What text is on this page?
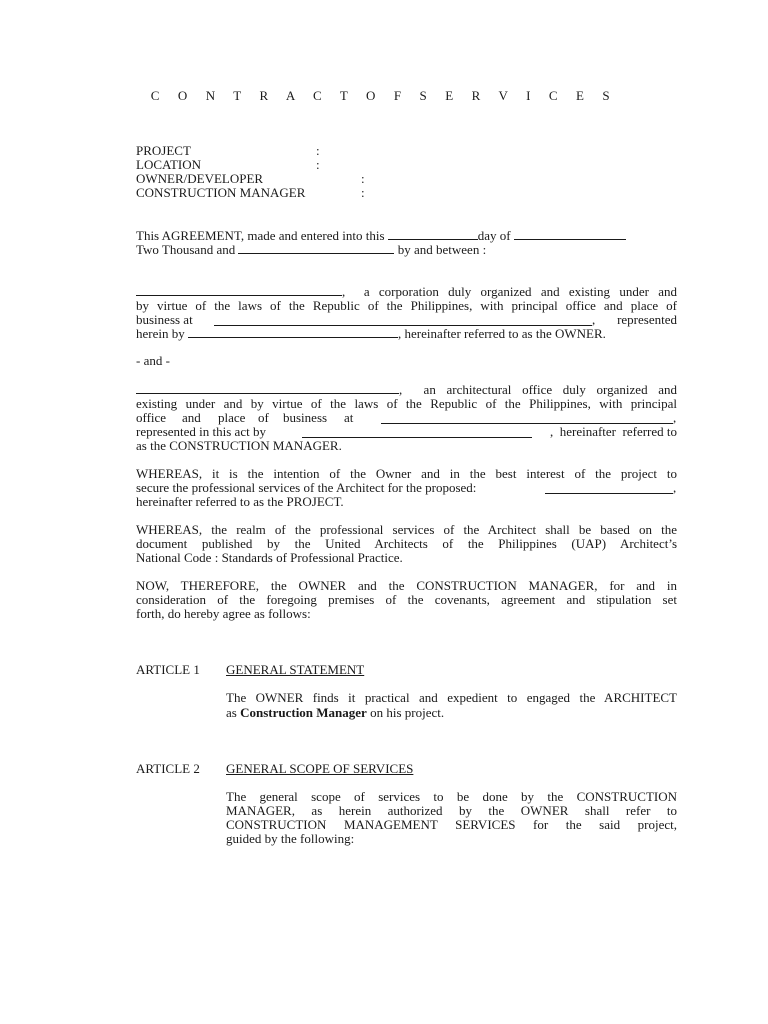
C O N T R A C T O F S E R V I C E S
PROJECT	:
LOCATION	:
OWNER/DEVELOPER	:
CONSTRUCTION MANAGER	:
This AGREEMENT, made and entered into this	day of
Two Thousand and	by and between :
,  a corporation duly organized and existing under and
by virtue of the laws of the Republic of the Philippines, with principal office and place of
business at	, represented
herein by	, hereinafter referred to as the OWNER.
- and -
,  an architectural office duly organized and
existing under and by virtue of the laws of the Republic of the Philippines, with principal
office and place of business at	,
represented in this act by	,  hereinafter  referred to
as the CONSTRUCTION MANAGER.
WHEREAS, it is the intention of the Owner and in the best interest of the project to
secure the professional services of the Architect for the proposed:	,
hereinafter referred to as the PROJECT.
WHEREAS, the realm of the professional services of the Architect shall be based on the
document published by the United Architects of the Philippines (UAP) Architect’s
National Code : Standards of Professional Practice.
NOW, THEREFORE, the OWNER and the CONSTRUCTION MANAGER, for and in
consideration of the foregoing premises of the covenants, agreement and stipulation set
forth, do hereby agree as follows:
ARTICLE 1 GENERAL STATEMENT
The OWNER finds it practical and expedient to engaged the ARCHITECT
as Construction Manager on his project.
ARTICLE 2 GENERAL SCOPE OF SERVICES
The general scope of services to be done by the CONSTRUCTION
MANAGER, as herein authorized by the OWNER shall refer to
CONSTRUCTION MANAGEMENT SERVICES for the said project,
guided by the following:
